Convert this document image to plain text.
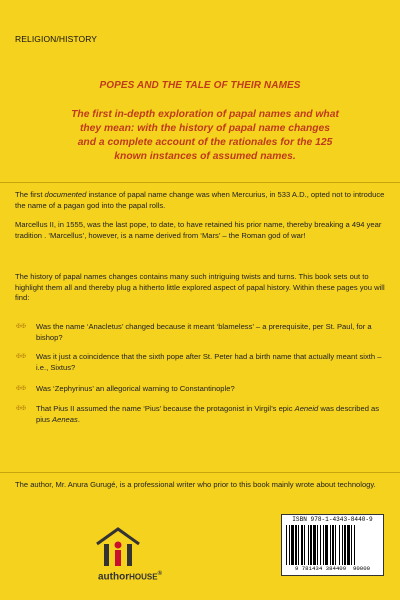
RELIGION/HISTORY
POPES AND THE TALE OF THEIR NAMES
The first in-depth exploration of papal names and what they mean: with the history of papal name changes and a complete account of the rationales for the 125 known instances of assumed names.
The first documented instance of papal name change was when Mercurius, in 533 A.D., opted not to introduce the name of a pagan god into the papal rolls.
Marcellus II, in 1555, was the last pope, to date, to have retained his prior name, thereby breaking a 494 year tradition . ‘Marcellus’, however, is a name derived from ‘Mars’ – the Roman god of war!
The history of papal names changes contains many such intriguing twists and turns. This book sets out to highlight them all and thereby plug a hitherto little explored aspect of papal history. Within these pages you will find:
✠✠ Was the name ‘Anacletus’ changed because it meant ‘blameless’ – a prerequisite, per St. Paul, for a bishop?
✠✠ Was it just a coincidence that the sixth pope after St. Peter had a birth name that actually meant sixth – i.e., Sixtus?
✠✠ Was ‘Zephyrinus’ an allegorical warning to Constantinople?
✠✠ That Pius II assumed the name ‘Pius’ because the protagonist in Virgil’s epic Aeneid was described as pius Aeneas.
The author, Mr. Anura Gurugé, is a professional writer who prior to this book mainly wrote about technology.
authorHOUSE®
ISBN 978-1-4343-8440-9
9 781434 384409 90000
